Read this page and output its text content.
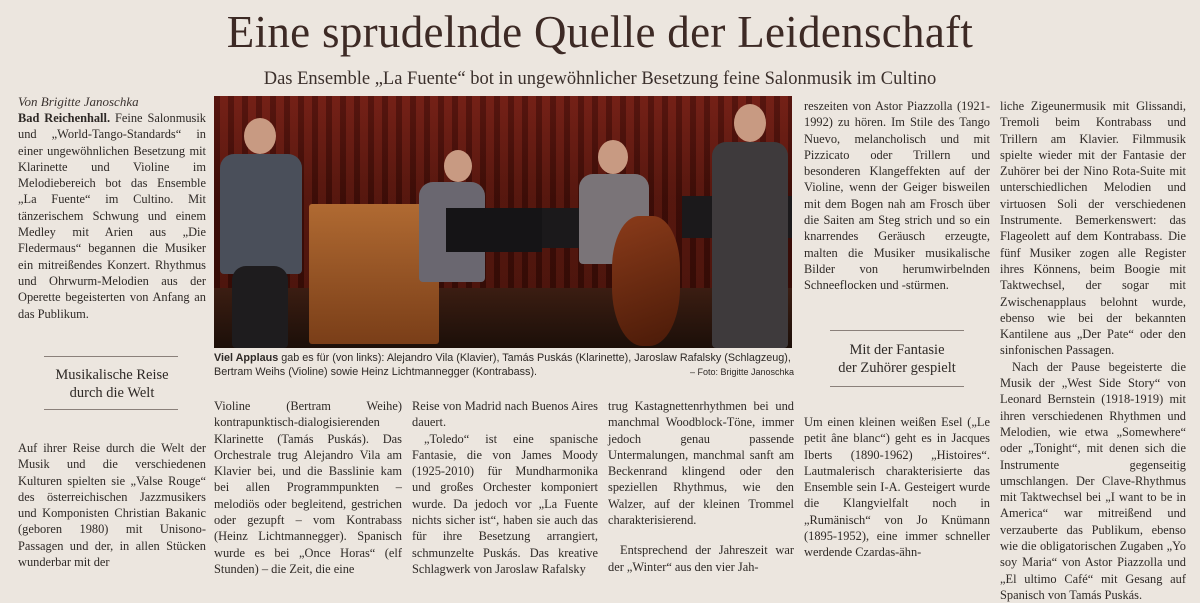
Eine sprudelnde Quelle der Leidenschaft
Das Ensemble „La Fuente“ bot in ungewöhnlicher Besetzung feine Salonmusik im Cultino
Von Brigitte Janoschka

Bad Reichenhall. Feine Salonmusik und „World-Tango-Standards“ in einer ungewöhnlichen Besetzung mit Klarinette und Violine im Melodiebereich bot das Ensemble „La Fuente“ im Cultino. Mit tänzerischem Schwung und einem Medley mit Arien aus „Die Fledermaus“ begannen die Musiker ein mitreißendes Konzert. Rhythmus und Ohrwurm-Melodien aus der Operette begeisterten von Anfang an das Publikum.

Musikalische Reise
durch die Welt

Auf ihrer Reise durch die Welt der Musik und die verschiedenen Kulturen spielten sie „Valse Rouge“ des österreichischen Jazzmusikers und Komponisten Christian Bakanic (geboren 1980) mit Unisono-Passagen und der, in allen Stücken wunderbar mit der

Viel Applaus gab es für (von links): Alejandro Vila (Klavier), Tamás Puskás (Klarinette), Jaroslaw Rafalsky (Schlagzeug), Bertram Weihs (Violine) sowie Heinz Lichtmannegger (Kontrabass).	– Foto: Brigitte Janoschka

Violine (Bertram Weihe) kontrapunktisch-dialogisierenden Klarinette (Tamás Puskás). Das Orchestrale trug Alejandro Vila am Klavier bei, und die Basslinie kam bei allen Programmpunkten – melodiös oder begleitend, gestrichen oder gezupft – vom Kontrabass (Heinz Lichtmannegger). Spanisch wurde es bei „Once Horas“ (elf Stunden) – die Zeit, die eine

Reise von Madrid nach Buenos Aires dauert.

„Toledo“ ist eine spanische Fantasie, die von James Moody (1925-2010) für Mundharmonika und großes Orchester komponiert wurde. Da jedoch vor „La Fuente nichts sicher ist“, haben sie auch das für ihre Besetzung arrangiert, schmunzelte Puskás. Das kreative Schlagwerk von Jaroslaw Rafalsky

trug Kastagnettenrhythmen bei und manchmal Woodblock-Töne, immer jedoch genau passende Untermalungen, manchmal sanft am Beckenrand klingend oder den speziellen Rhythmus, wie den Walzer, auf der kleinen Trommel charakterisierend.

Entsprechend der Jahreszeit war der „Winter“ aus den vier Jah-

reszeiten von Astor Piazzolla (1921-1992) zu hören. Im Stile des Tango Nuevo, melancholisch und mit Pizzicato oder Trillern und besonderen Klangeffekten auf der Violine, wenn der Geiger bisweilen mit dem Bogen nah am Frosch über die Saiten am Steg strich und so ein knarrendes Geräusch erzeugte, malten die Musiker musikalische Bilder von herumwirbelnden Schneeflocken und -stürmen.

Mit der Fantasie
der Zuhörer gespielt

Um einen kleinen weißen Esel („Le petit âne blanc“) geht es in Jacques Iberts (1890-1962) „Histoires“. Lautmalerisch charakterisierte das Ensemble sein I-A. Gesteigert wurde die Klangvielfalt noch in „Rumänisch“ von Jo Knümann (1895-1952), eine immer schneller werdende Czardas-ähn-

liche Zigeunermusik mit Glissandi, Tremoli beim Kontrabass und Trillern am Klavier. Filmmusik spielte wieder mit der Fantasie der Zuhörer bei der Nino Rota-Suite mit unterschiedlichen Melodien und virtuosen Soli der verschiedenen Instrumente. Bemerkenswert: das Flageolett auf dem Kontrabass. Die fünf Musiker zogen alle Register ihres Könnens, beim Boogie mit Taktwechsel, der sogar mit Zwischenapplaus belohnt wurde, ebenso wie bei der bekannten Kantilene aus „Der Pate“ oder den sinfonischen Passagen.

Nach der Pause begeisterte die Musik der „West Side Story“ von Leonard Bernstein (1918-1919) mit ihren verschiedenen Rhythmen und Melodien, wie etwa „Somewhere“ oder „Tonight“, mit denen sich die Instrumente gegenseitig umschlangen. Der Clave-Rhythmus mit Taktwechsel bei „I want to be in America“ war mitreißend und verzauberte das Publikum, ebenso wie die obligatorischen Zugaben „Yo soy Maria“ von Astor Piazzolla und „El ultimo Café“ mit Gesang auf Spanisch von Tamás Puskás.
